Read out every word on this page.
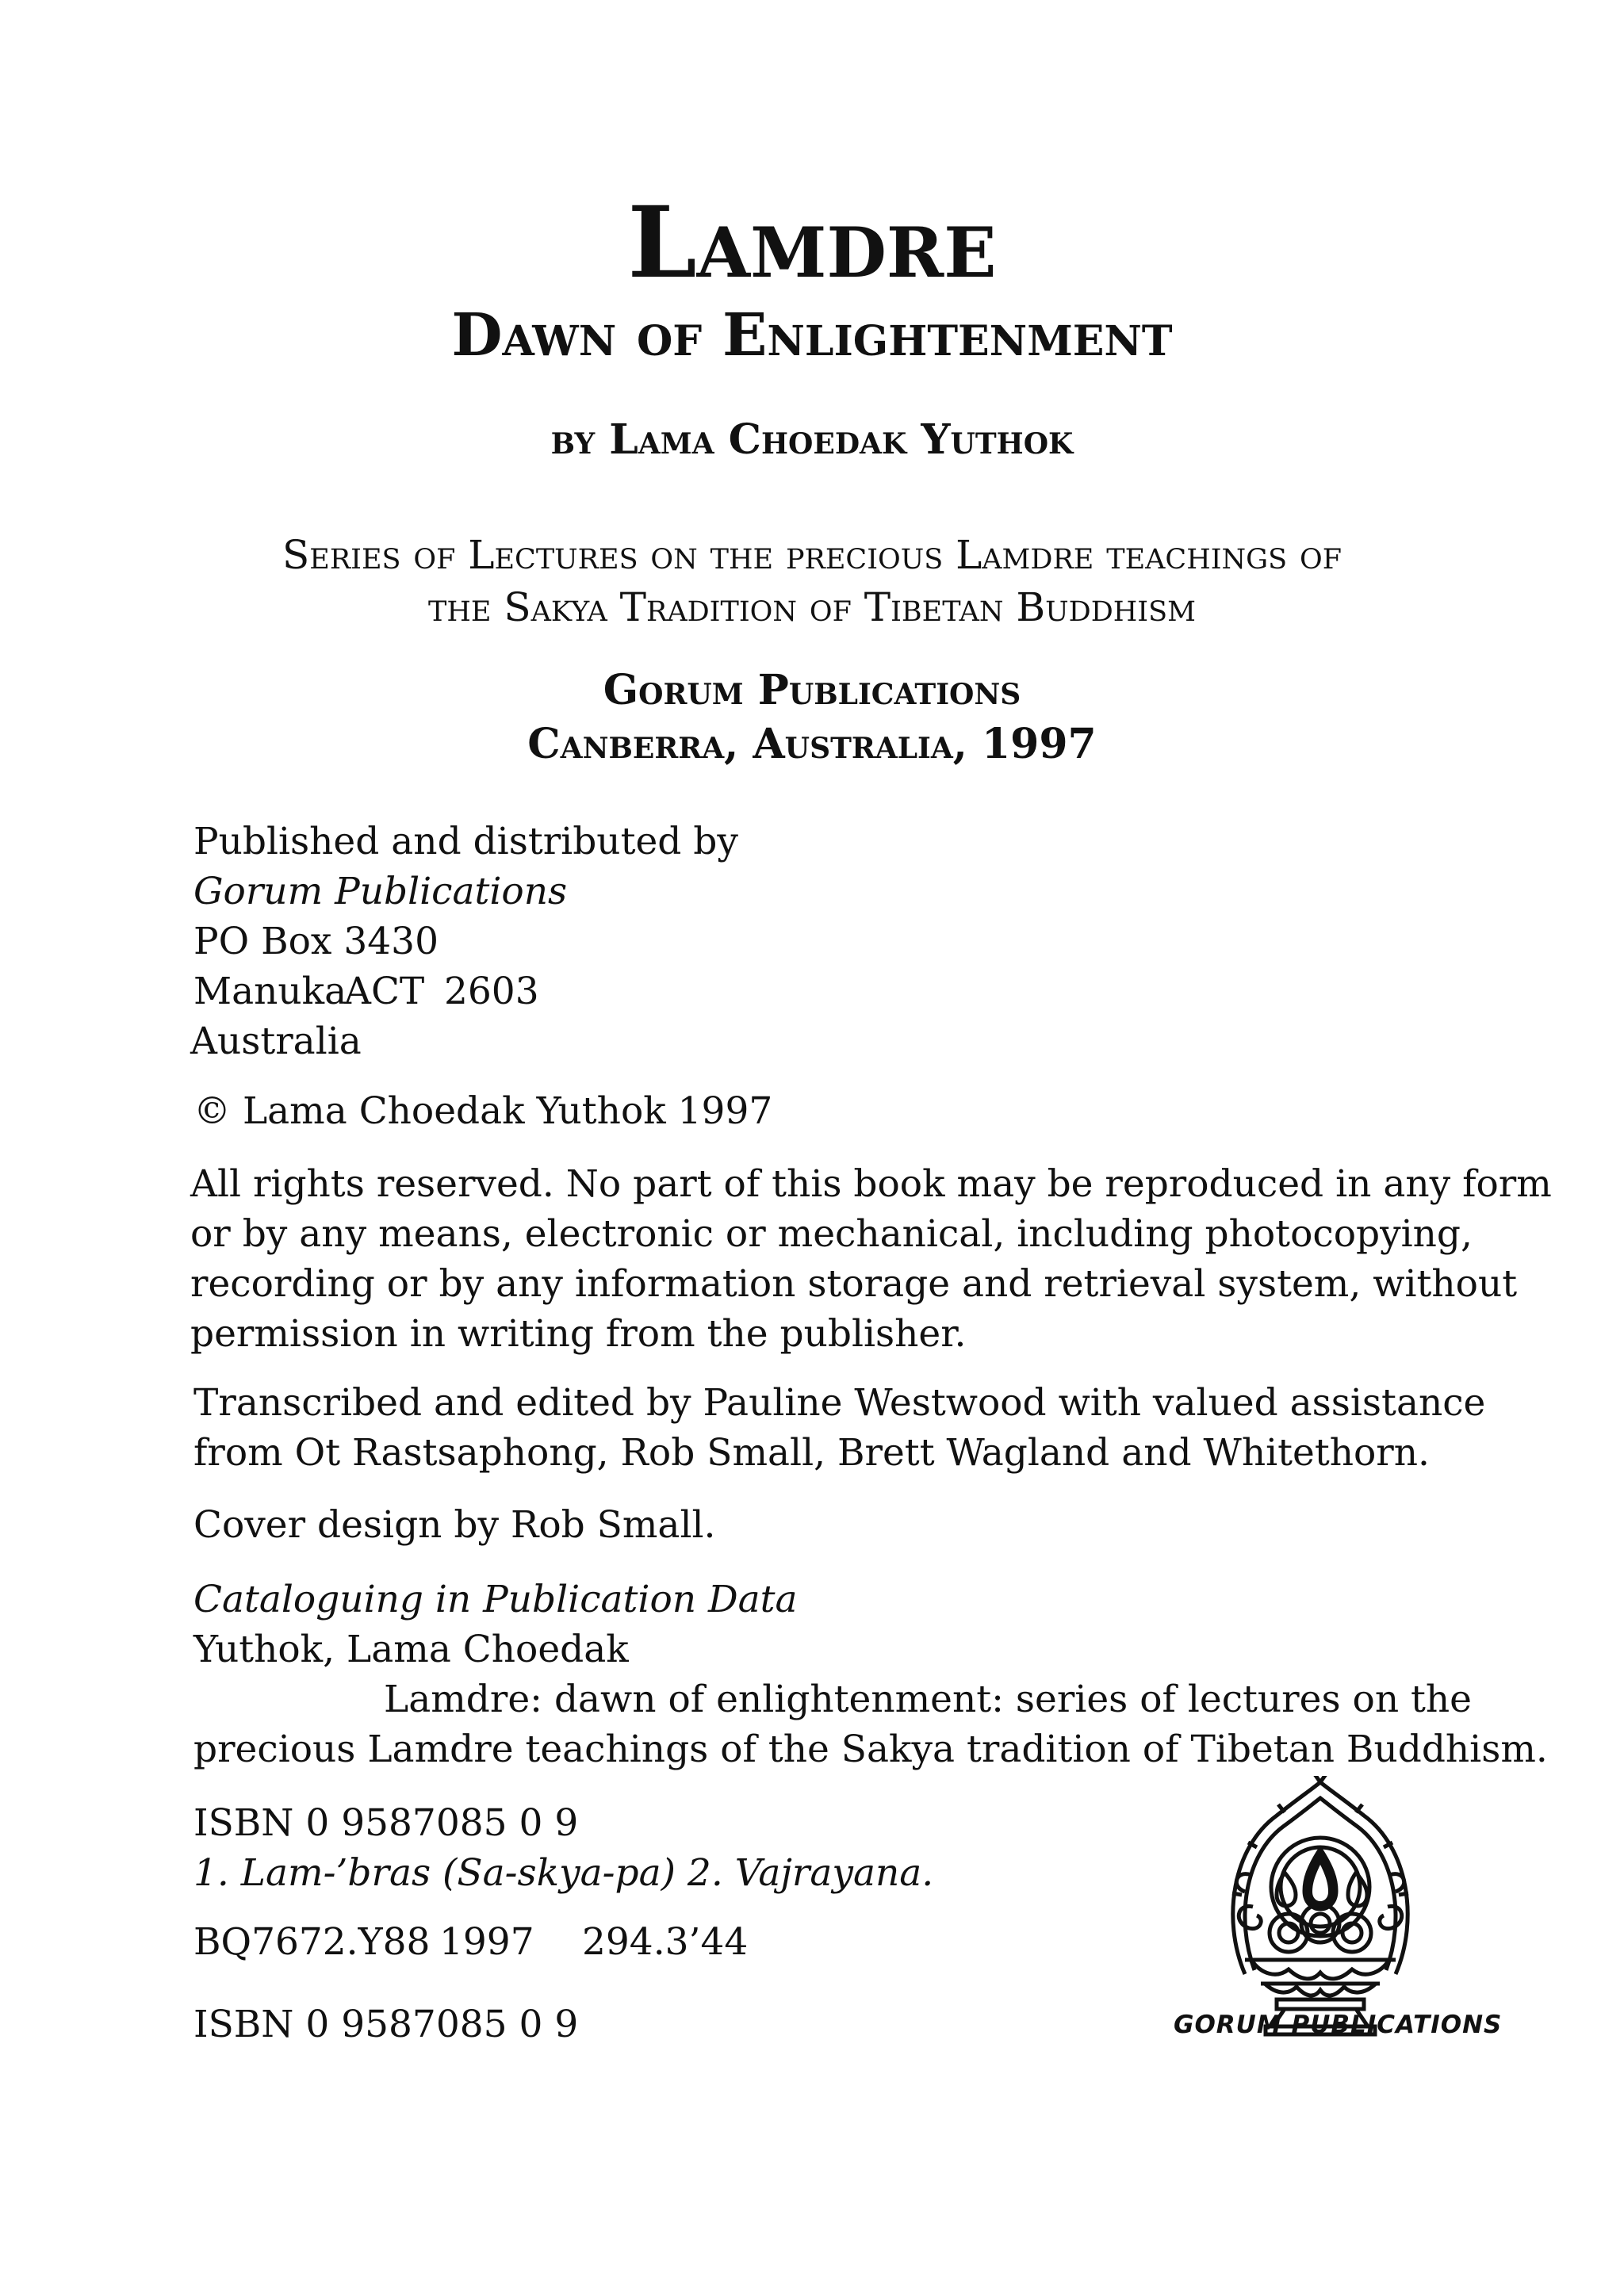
Lamdre
Dawn of Enlightenment
by Lama Choedak Yuthok
Series of Lectures on the precious Lamdre teachings of
the Sakya Tradition of Tibetan Buddhism
Gorum Publications
Canberra, Australia, 1997
Published and distributed by
Gorum Publications
PO Box 3430
ManukaACT 2603
Australia
© Lama Choedak Yuthok 1997
All rights reserved. No part of this book may be reproduced in any form
or by any means, electronic or mechanical, including photocopying,
recording or by any information storage and retrieval system, without
permission in writing from the publisher.
Transcribed and edited by Pauline Westwood with valued assistance
from Ot Rastsaphong, Rob Small, Brett Wagland and Whitethorn.
Cover design by Rob Small.
Cataloguing in Publication Data
Yuthok, Lama Choedak
Lamdre: dawn of enlightenment: series of lectures on the
precious Lamdre teachings of the Sakya tradition of Tibetan Buddhism.
ISBN 0 9587085 0 9
1. Lam-’bras (Sa-skya-pa) 2. Vajrayana.
BQ7672.Y88 1997 294.3’44
ISBN 0 9587085 0 9	GORUM PUBLICATIONS
